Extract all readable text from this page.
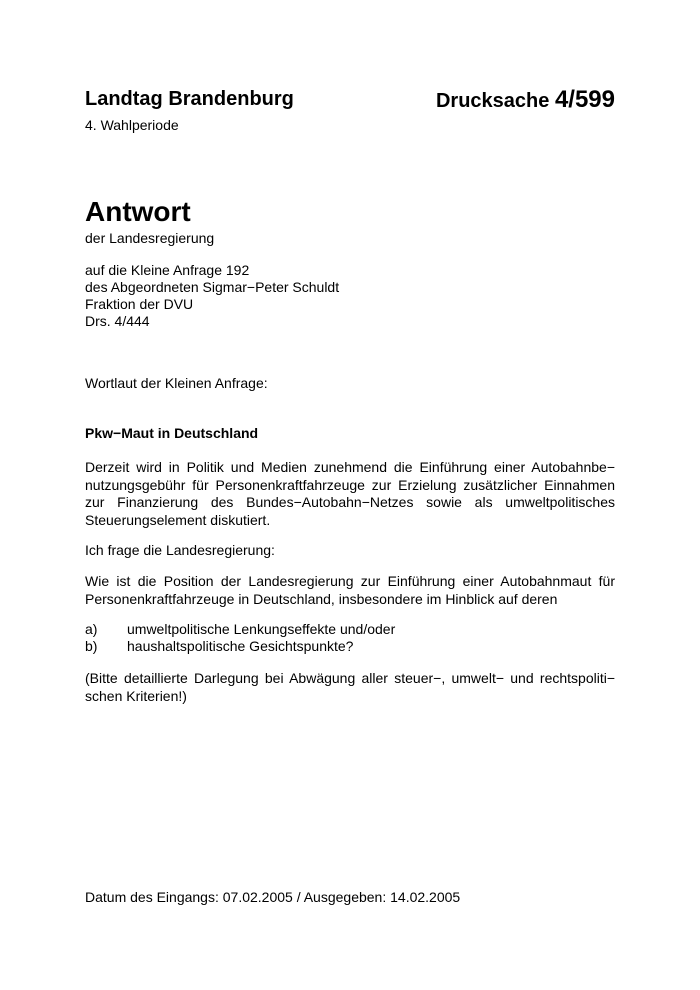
Landtag Brandenburg	Drucksache 4/599
4. Wahlperiode
Antwort
der Landesregierung
auf die Kleine Anfrage 192
des Abgeordneten Sigmar−Peter Schuldt
Fraktion der DVU
Drs. 4/444
Wortlaut der Kleinen Anfrage:
Pkw−Maut in Deutschland
Derzeit wird in Politik und Medien zunehmend die Einführung einer Autobahnbe− nutzungsgebühr für Personenkraftfahrzeuge zur Erzielung zusätzlicher Einnahmen zur Finanzierung des Bundes−Autobahn−Netzes sowie als umweltpolitisches Steuerungselement diskutiert.
Ich frage die Landesregierung:
Wie ist die Position der Landesregierung zur Einführung einer Autobahnmaut für Personenkraftfahrzeuge in Deutschland, insbesondere im Hinblick auf deren
a) umweltpolitische Lenkungseffekte und/oder
b) haushaltspolitische Gesichtspunkte?
(Bitte detaillierte Darlegung bei Abwägung aller steuer−, umwelt− und rechtspoliti− schen Kriterien!)
Datum des Eingangs: 07.02.2005 / Ausgegeben: 14.02.2005
